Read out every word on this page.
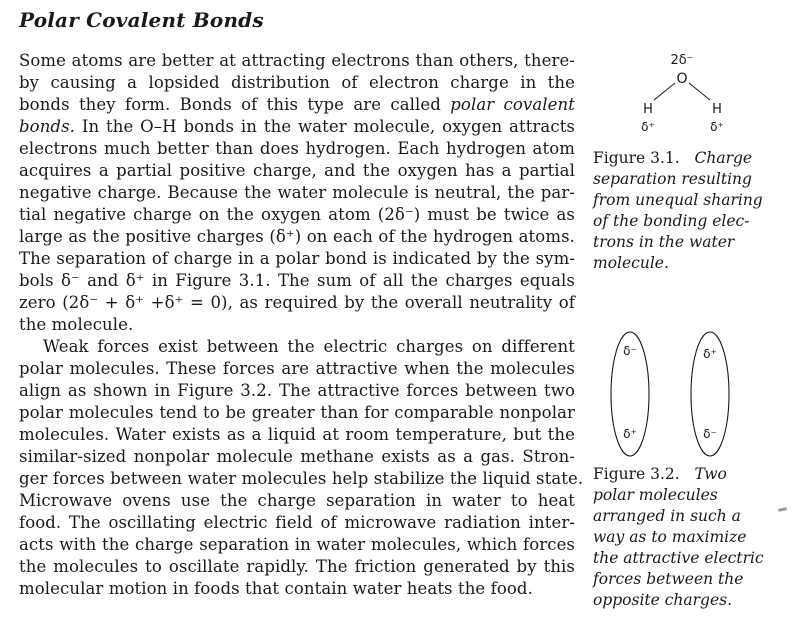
Polar Covalent Bonds
Some atoms are better at attracting electrons than others, there-
by causing a lopsided distribution of electron charge in the
bonds they form. Bonds of this type are called polar covalent
bonds. In the O–H bonds in the water molecule, oxygen attracts
electrons much better than does hydrogen. Each hydrogen atom
acquires a partial positive charge, and the oxygen has a partial
negative charge. Because the water molecule is neutral, the par-
tial negative charge on the oxygen atom (2δ⁻) must be twice as
large as the positive charges (δ⁺) on each of the hydrogen atoms.
The separation of charge in a polar bond is indicated by the sym-
bols δ⁻ and δ⁺ in Figure 3.1. The sum of all the charges equals
zero (2δ⁻ + δ⁺ +δ⁺ = 0), as required by the overall neutrality of
the molecule.
Weak forces exist between the electric charges on different
polar molecules. These forces are attractive when the molecules
align as shown in Figure 3.2. The attractive forces between two
polar molecules tend to be greater than for comparable nonpolar
molecules. Water exists as a liquid at room temperature, but the
similar-sized nonpolar molecule methane exists as a gas. Stron-
ger forces between water molecules help stabilize the liquid state.
Microwave ovens use the charge separation in water to heat
food. The oscillating electric field of microwave radiation inter-
acts with the charge separation in water molecules, which forces
the molecules to oscillate rapidly. The friction generated by this
molecular motion in foods that contain water heats the food.
2δ⁻
O
H	H
δ⁺	δ⁺
Figure 3.1. Charge
separation resulting
from unequal sharing
of the bonding elec-
trons in the water
molecule.
δ⁻
δ⁺
δ⁺
δ⁻
Figure 3.2. Two
polar molecules
arranged in such a
way as to maximize
the attractive electric
forces between the
opposite charges.
